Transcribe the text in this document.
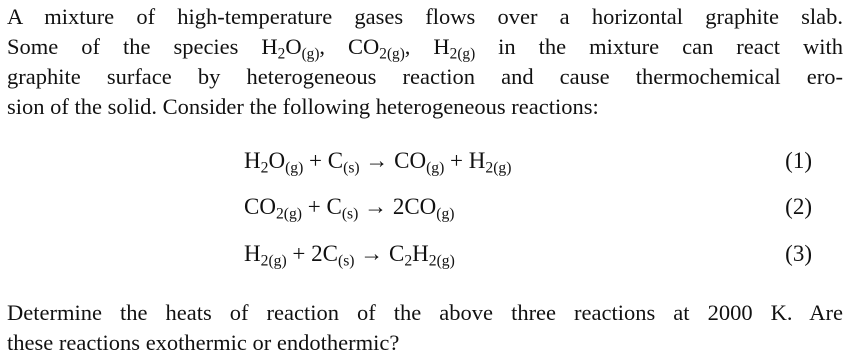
A mixture of high-temperature gases flows over a horizontal graphite slab.
Some of the species $H_2O_{(g)}$, $CO_{2(g)}$, $H_{2(g)}$ in the mixture can react with
graphite surface by heterogeneous reaction and cause thermochemical ero-
sion of the solid. Consider the following heterogeneous reactions:
$H_2O_{(g)} + C_{(s)} \to CO_{(g)} + H_{2(g)}$	(1)
$CO_{2(g)} + C_{(s)} \to 2CO_{(g)}$	(2)
$H_{2(g)} + 2C_{(s)} \to C_2H_{2(g)}$	(3)
Determine the heats of reaction of the above three reactions at 2000 K. Are
these reactions exothermic or endothermic?
